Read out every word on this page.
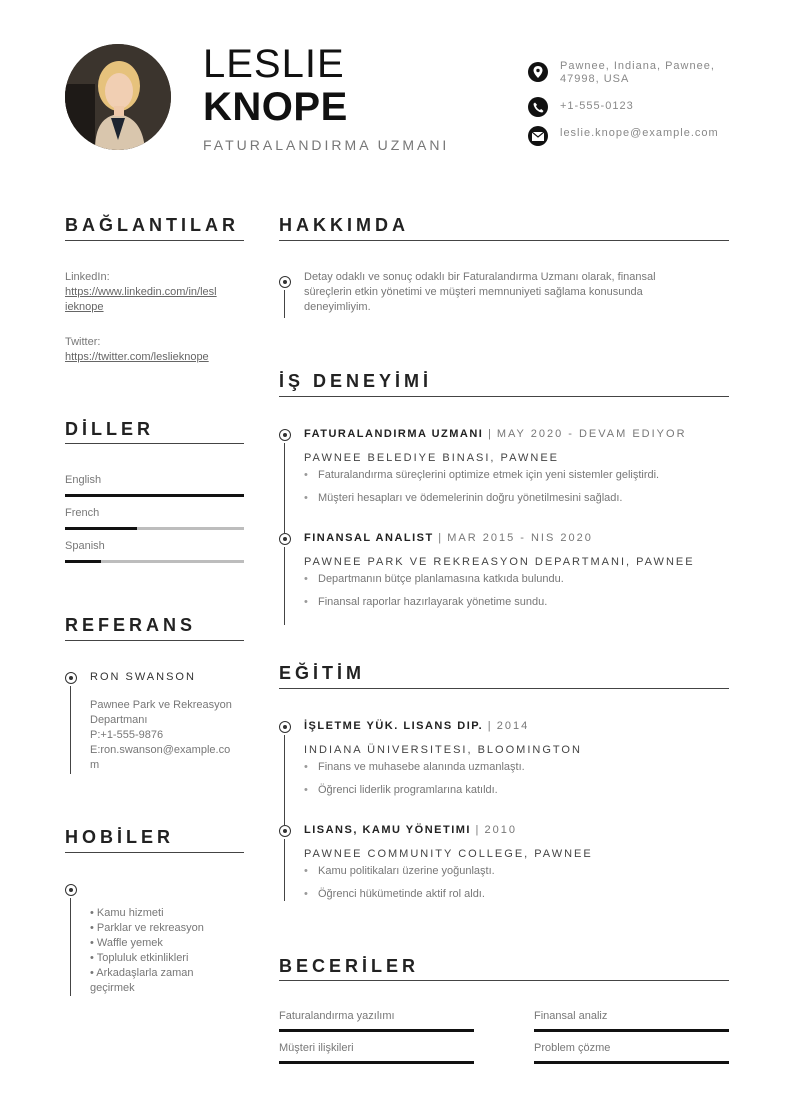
LESLIE
KNOPE
FATURALANDIRMA UZMANI
Pawnee, Indiana, Pawnee,
47998, USA
+1-555-0123
leslie.knope@example.com
BAĞLANTILAR
LinkedIn:
https://www.linkedin.com/in/lesl
ieknope
Twitter:
https://twitter.com/leslieknope
DİLLER
English
French
Spanish
REFERANS
RON SWANSON
Pawnee Park ve Rekreasyon
Departmanı
P:+1-555-9876
E:ron.swanson@example.co
m
HOBİLER
• Kamu hizmeti
• Parklar ve rekreasyon
• Waffle yemek
• Topluluk etkinlikleri
• Arkadaşlarla zaman
geçirmek
HAKKIMDA
Detay odaklı ve sonuç odaklı bir Faturalandırma Uzmanı olarak, finansal
süreçlerin etkin yönetimi ve müşteri memnuniyeti sağlama konusunda
deneyimliyim.
İŞ DENEYİMİ
FATURALANDIRMA UZMANI | MAY 2020 - DEVAM EDIYOR
PAWNEE BELEDIYE BINASI, PAWNEE
• Faturalandırma süreçlerini optimize etmek için yeni sistemler geliştirdi.
• Müşteri hesapları ve ödemelerinin doğru yönetilmesini sağladı.
FINANSAL ANALIST | MAR 2015 - NIS 2020
PAWNEE PARK VE REKREASYON DEPARTMANI, PAWNEE
• Departmanın bütçe planlamasına katkıda bulundu.
• Finansal raporlar hazırlayarak yönetime sundu.
EĞİTİM
İŞLETME YÜK. LISANS DIP. | 2014
INDIANA ÜNIVERSITESI, BLOOMINGTON
• Finans ve muhasebe alanında uzmanlaştı.
• Öğrenci liderlik programlarına katıldı.
LISANS, KAMU YÖNETIMI | 2010
PAWNEE COMMUNITY COLLEGE, PAWNEE
• Kamu politikaları üzerine yoğunlaştı.
• Öğrenci hükümetinde aktif rol aldı.
BECERİLER
Faturalandırma yazılımı	Finansal analiz
Müşteri ilişkileri	Problem çözme
